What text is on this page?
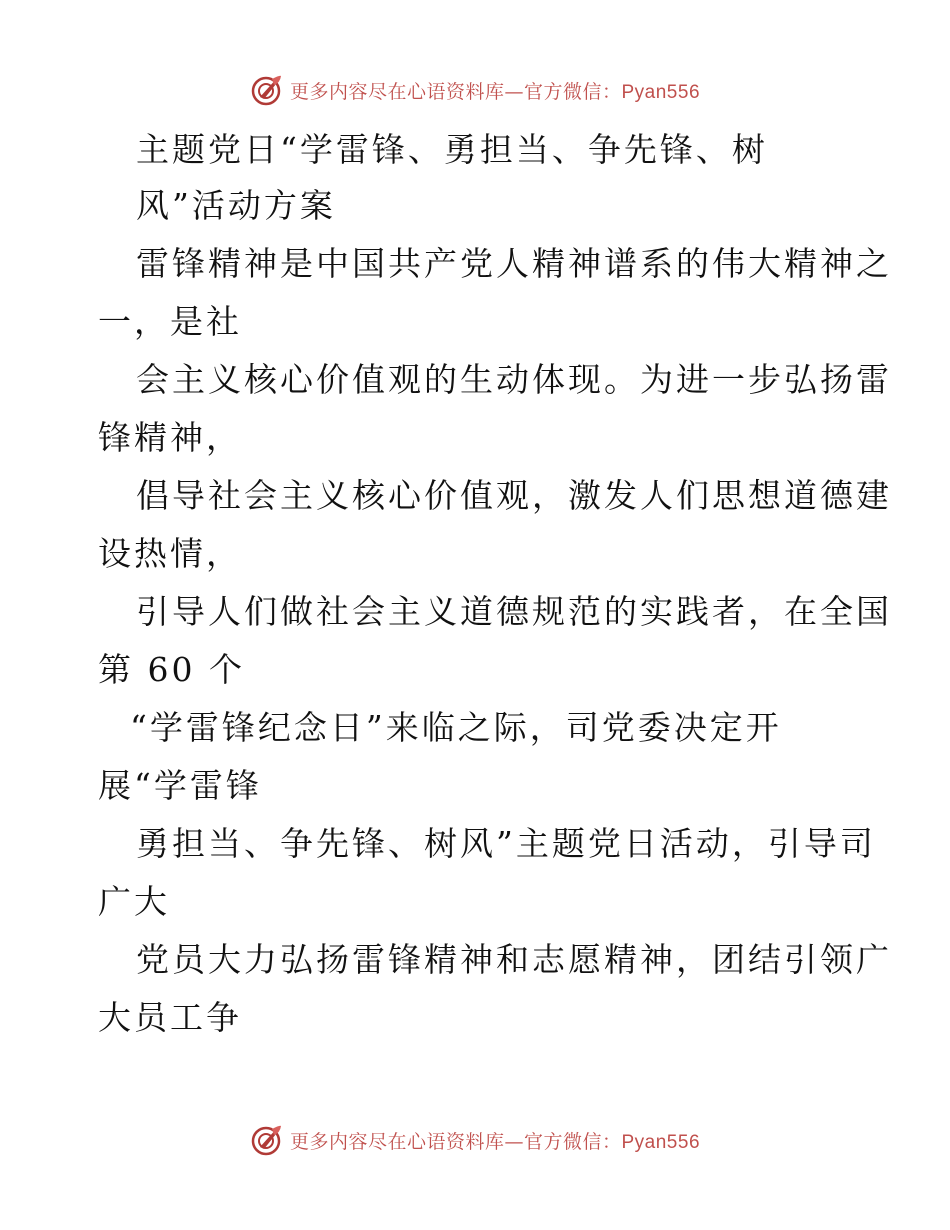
更多内容尽在心语资料库—官方微信：Pyan556
主题党日“学雷锋、勇担当、争先锋、树
风”活动方案
雷锋精神是中国共产党人精神谱系的伟大精神之
一，是社
会主义核心价值观的生动体现。为进一步弘扬雷
锋精神，
倡导社会主义核心价值观，激发人们思想道德建
设热情，
引导人们做社会主义道德规范的实践者，在全国
第 60 个
“学雷锋纪念日”来临之际，司党委决定开
展“学雷锋
勇担当、争先锋、树风”主题党日活动，引导司
广大
党员大力弘扬雷锋精神和志愿精神，团结引领广
大员工争
更多内容尽在心语资料库—官方微信：Pyan556
